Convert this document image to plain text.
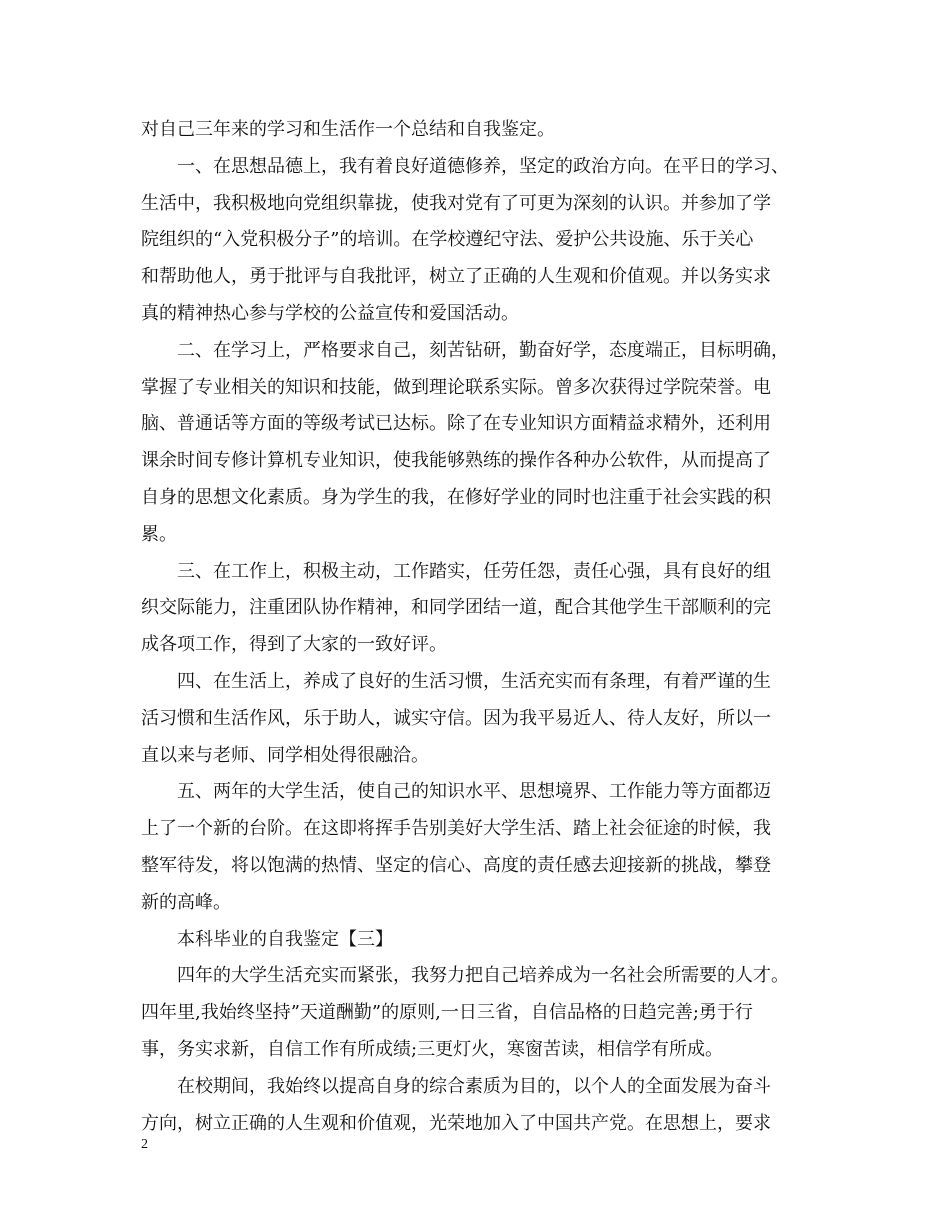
对自己三年来的学习和生活作一个总结和自我鉴定。
一、在思想品德上，我有着良好道德修养，坚定的政治方向。在平日的学习、
生活中，我积极地向党组织靠拢，使我对党有了可更为深刻的认识。并参加了学
院组织的“入党积极分子”的培训。在学校遵纪守法、爱护公共设施、乐于关心
和帮助他人，勇于批评与自我批评，树立了正确的人生观和价值观。并以务实求
真的精神热心参与学校的公益宣传和爱国活动。
二、在学习上，严格要求自己，刻苦钻研，勤奋好学，态度端正，目标明确，
掌握了专业相关的知识和技能，做到理论联系实际。曾多次获得过学院荣誉。电
脑、普通话等方面的等级考试已达标。除了在专业知识方面精益求精外，还利用
课余时间专修计算机专业知识，使我能够熟练的操作各种办公软件，从而提高了
自身的思想文化素质。身为学生的我，在修好学业的同时也注重于社会实践的积
累。
三、在工作上，积极主动，工作踏实，任劳任怨，责任心强，具有良好的组
织交际能力，注重团队协作精神，和同学团结一道，配合其他学生干部顺利的完
成各项工作，得到了大家的一致好评。
四、在生活上，养成了良好的生活习惯，生活充实而有条理，有着严谨的生
活习惯和生活作风，乐于助人，诚实守信。因为我平易近人、待人友好，所以一
直以来与老师、同学相处得很融洽。
五、两年的大学生活，使自己的知识水平、思想境界、工作能力等方面都迈
上了一个新的台阶。在这即将挥手告别美好大学生活、踏上社会征途的时候，我
整军待发，将以饱满的热情、坚定的信心、高度的责任感去迎接新的挑战，攀登
新的高峰。
本科毕业的自我鉴定【三】
四年的大学生活充实而紧张，我努力把自己培养成为一名社会所需要的人才。
四年里,我始终坚持”天道酬勤”的原则,一日三省，自信品格的日趋完善;勇于行
事，务实求新，自信工作有所成绩;三更灯火，寒窗苦读，相信学有所成。
在校期间，我始终以提高自身的综合素质为目的，以个人的全面发展为奋斗
方向，树立正确的人生观和价值观，光荣地加入了中国共产党。在思想上，要求
2
